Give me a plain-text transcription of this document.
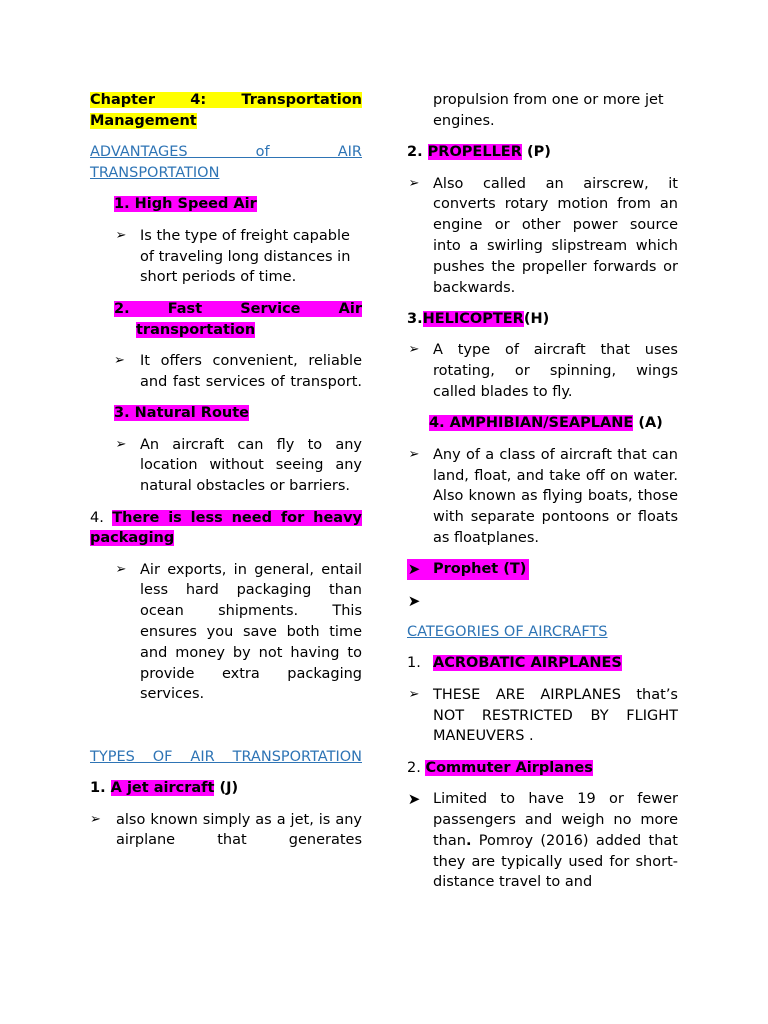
Chapter 4: Transportation Management

ADVANTAGES of AIR TRANSPORTATION

1. High Speed Air

➢ Is the type of freight capable of traveling long distances in short periods of time.

2. Fast Service Air transportation

➢ It offers convenient, reliable and fast services of transport.

3. Natural Route

➢ An aircraft can fly to any location without seeing any natural obstacles or barriers.

4. There is less need for heavy packaging

➢ Air exports, in general, entail less hard packaging than ocean shipments. This ensures you save both time and money by not having to provide extra packaging services.

TYPES OF AIR TRANSPORTATION

1. A jet aircraft (J)

➢ also known simply as a jet, is any airplane that generates

propulsion from one or more jet engines.

2. PROPELLER (P)

➢ Also called an airscrew, it converts rotary motion from an engine or other power source into a swirling slipstream which pushes the propeller forwards or backwards.

3.HELICOPTER(H)

➢ A type of aircraft that uses rotating, or spinning, wings called blades to fly.

4. AMPHIBIAN/SEAPLANE (A)

➢ Any of a class of aircraft that can land, float, and take off on water. Also known as flying boats, those with separate pontoons or floats as floatplanes.
➤ Prophet (T)
➤

CATEGORIES OF AIRCRAFTS

1. ACROBATIC AIRPLANES

➢ THESE ARE AIRPLANES that’s NOT RESTRICTED BY FLIGHT MANEUVERS .

2. Commuter Airplanes

➤ Limited to have 19 or fewer passengers and weigh no more than. Pomroy (2016) added that they are typically used for short-distance travel to and
